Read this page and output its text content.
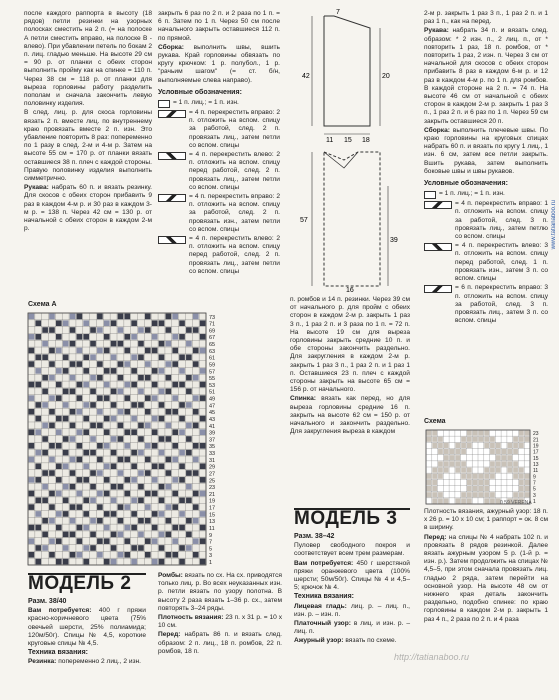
после каждого раппорта в высоту (18 рядов) петли резинки на узорных полосках сместить на 2 п. (= на полоске А петли сместить вправо, на полоске В - влево). При убавлении петель по бокам 2 п. лиц. гладью меньше. На высоте 29 см = 90 р. от планки с обеих сторон выполнить пройму как на спинке = 110 п. Через 38 см = 118 р. от планки для выреза горловины работу разделить пополам и сначала закончить левую половинку изделия.

В след. лиц. р. для скоса горловины вязать 2 п. вместе лиц. по внутреннему краю провязать вместе 2 п. изн. Это убавление повторить 8 раз: попеременно по 1 разу в след. 2-м и 4-м р. Затем на высоте 55 см = 170 р. от планки вязать оставшиеся 38 п. плеч с каждой стороны. Правую половинку изделия выполнить симметрично.

Рукава: набрать 60 п. и вязать резинку. Для скосов с обеих сторон прибавить 9 раз в каждом 4-м р. и 30 раз в каждом 3-м р. = 138 п. Через 42 см = 130 р. от начальной с обеих сторон в каждом 2-м р.

закрыть 6 раз по 2 п. и 2 раза по 1 п. = 6 п. Затем по 1 п. Через 50 см после начального закрыть оставшиеся 112 п. по прямой.

Сборка: выполнить швы, вшить рукава. Край горловины обвязать по кругу крючком: 1 р. полубол., 1 р. "рачьим шагом" (= ст. б/н, выполняемые слева направо).

Условные обозначения:
= 1 п. лиц.; = 1 п. изн.
= 4 п. перекрестить вправо: 2 п. отложить на вспом. спицу за работой, след. 2 п. провязать лиц., затем петли со вспом. спицы
= 4 п. перекрестить влево: 2 п. отложить на вспом. спицу перед работой, след. 2 п. провязать лиц., затем петли со вспом. спицы
= 4 п. перекрестить вправо: 2 п. отложить на вспом. спицу за работой, след. 2 п. провязать изн., затем петли со вспом. спицы
= 4 п. перекрестить влево: 2 п. отложить на вспом. спицу перед работой, след. 2 п. провязать лиц., затем петли со вспом. спицы
Схема А
73
71
69
67
65
63
61
59
57
55
53
51
49
47
45
43
41
39
37
35
33
31
29
27
25
23
21
19
17
15
13
11
9
7
5
3
1
МОДЕЛЬ 2

Разм. 38/40

Вам потребуется: 400 г пряжи красно-коричневого цвета (75% овечьей шерсти, 25% полиамида; 120м/50г). Спицы № 4,5, короткие круговые спицы № 4,5.

Техника вязания:

Резинка: попеременно 2 лиц., 2 изн.

Ромбы: вязать по сх. На сх. приводятся только лиц. р. Во всех неуказанных изн. р. петли вязать по узору полотна. В высоту 2 раза вязать 1–36 р. сх., затем повторять 3–24 ряды.

Плотность вязания: 23 п. х 31 р. = 10 х 10 см.

Перед: набрать 86 п. и вязать след. образом: 2 п. лиц., 18 п. ромбов, 22 п. ромбов, 18 п.

42
7
20
15
11	18
57
39
16

п. ромбов и 14 п. резинки. Через 39 см от начального р. для пройм с обеих сторон в каждом 2-м р. закрыть 1 раз 3 п., 1 раз 2 п. и 3 раза по 1 п. = 72 п. На высоте 19 см для выреза горловины закрыть средние 10 п. и обе стороны закончить раздельно. Для закругления в каждом 2-м р. закрыть 1 раз 3 п., 1 раз 2 п. и 1 раз 1 п. Оставшиеся 23 п. плеч с каждой стороны закрыть на высоте 65 см = 156 р. от начального.

Спинка: вязать как перед, но для выреза горловины средние 16 п. закрыть на высоте 62 см = 150 р. от начального и закончить раздельно. Для закругления выреза в каждом

МОДЕЛЬ 3

Разм. 38–42

Пуловер свободного покроя и соответствует всем трем размерам.

Вам потребуется: 450 г шерстяной пряжи оранжевого цвета (100% шерсти; 50м/50г). Спицы № 4 и 4,5–5; крючок № 4.

Техника вязания:

Лицевая гладь: лиц. р. – лиц. п., изн. р. – изн. п.

Платочный узор: в лиц. и изн. р. – лиц. п.

Ажурный узор: вязать по схеме.

2-м р. закрыть 1 раз 3 п., 1 раз 2 п. и 1 раз 1 п., как на перед.

Рукава: набрать 34 п. и вязать след. образом: * 2 изн. п., 2 лиц. п., от * повторить 1 раз, 18 п. ромбов, от * повторить 1 раз, 2 изн. п. Через 3 см от начальной для скосов с обеих сторон прибавить 8 раз в каждом 6-м р. и 12 раз в каждом 4-м р. по 1 п. для ромбов. В каждой стороне на 2 п. = 74 п. На высоте 46 см от начальной с обеих сторон в каждом 2-м р. закрыть 1 раз 3 п., 1 раз 2 п. и 6 раз по 1 п. Через 59 см закрыть оставшиеся 20 п.

Сборка: выполнить плечевые швы. По краю горловины на круговых спицах набрать 60 п. и вязать по кругу 1 лиц., 1 изн. 6 см, затем все петли закрыть. Вшить рукава, затем выполнить боковые швы и швы рукавов.

Условные обозначения:
= 1 п. лиц.; = 1 п. изн.
= 4 п. перекрестить вправо: 1 п. отложить на вспом. спицу за работой, след. 3 п. провязать лиц., затем петлю со вспом. спицы
= 4 п. перекрестить влево: 3 п. отложить на вспом. спицу перед работой, след. 1 п. провязать изн., затем 3 п. со вспом. спицы
= 6 п. перекрестить вправо: 3 п. отложить на вспом. спицу за работой, след. 3 п. провязать лиц., затем 3 п. со вспом. спицы
Схема
23
21
19
17
15
13
11
9
7
5
3
1

Плотность вязания, ажурный узор: 18 п. х 26 р. = 10 х 10 см; 1 раппорт = ок. 8 см в ширину.

Перед: на спицы № 4 набрать 102 п. и провязать 8 рядов резинкой. Далее вязать ажурным узором 5 р. (1-й р. = изн. р.). Затем продолжить на спицах № 4,5–5, при этом сначала провязать лиц. гладью 2 ряда, затем перейти на основной узор. На высоте 48 см от нижнего края деталь закончить раздельно, подобно спинке: по краю горловины в каждом 2-м р. закрыть 1 раз 4 п., 2 раза по 2 п. и 4 раза

0 59 VERENA
http://tatianaboo.ru
www.tatianaboo.ru
